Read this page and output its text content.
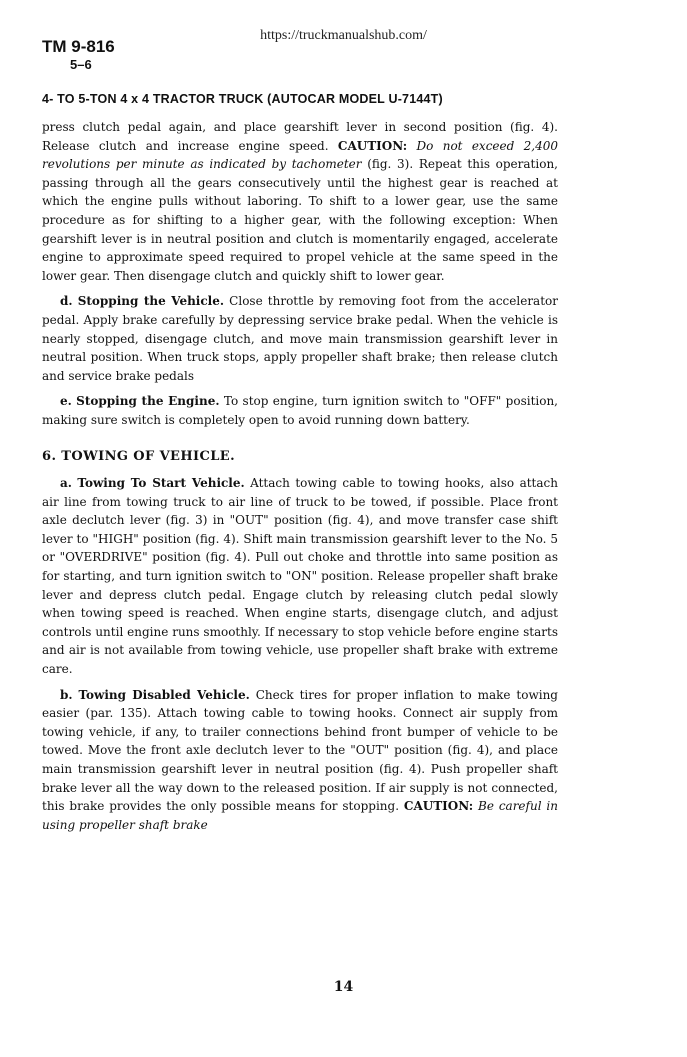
https://truckmanualshub.com/
TM 9-816
5–6
4- TO 5-TON 4 x 4 TRACTOR TRUCK (AUTOCAR MODEL U-7144T)

press clutch pedal again, and place gearshift lever in second position (fig. 4). Release clutch and increase engine speed. CAUTION: Do not exceed 2,400 revolutions per minute as indicated by tachometer (fig. 3). Repeat this operation, passing through all the gears consecutively until the highest gear is reached at which the engine pulls without laboring. To shift to a lower gear, use the same procedure as for shifting to a higher gear, with the following exception: When gearshift lever is in neutral position and clutch is momentarily engaged, accelerate engine to approximate speed required to propel vehicle at the same speed in the lower gear. Then disengage clutch and quickly shift to lower gear.

d. Stopping the Vehicle. Close throttle by removing foot from the accelerator pedal. Apply brake carefully by depressing service brake pedal. When the vehicle is nearly stopped, disengage clutch, and move main transmission gearshift lever in neutral position. When truck stops, apply propeller shaft brake; then release clutch and service brake pedals

e. Stopping the Engine. To stop engine, turn ignition switch to "OFF" position, making sure switch is completely open to avoid running down battery.

6. TOWING OF VEHICLE.

a. Towing To Start Vehicle. Attach towing cable to towing hooks, also attach air line from towing truck to air line of truck to be towed, if possible. Place front axle declutch lever (fig. 3) in "OUT" position (fig. 4), and move transfer case shift lever to "HIGH" position (fig. 4). Shift main transmission gearshift lever to the No. 5 or "OVERDRIVE" position (fig. 4). Pull out choke and throttle into same position as for starting, and turn ignition switch to "ON" position. Release propeller shaft brake lever and depress clutch pedal. Engage clutch by releasing clutch pedal slowly when towing speed is reached. When engine starts, disengage clutch, and adjust controls until engine runs smoothly. If necessary to stop vehicle before engine starts and air is not available from towing vehicle, use propeller shaft brake with extreme care.

b. Towing Disabled Vehicle. Check tires for proper inflation to make towing easier (par. 135). Attach towing cable to towing hooks. Connect air supply from towing vehicle, if any, to trailer connections behind front bumper of vehicle to be towed. Move the front axle declutch lever to the "OUT" position (fig. 4), and place main transmission gearshift lever in neutral position (fig. 4). Push propeller shaft brake lever all the way down to the released position. If air supply is not connected, this brake provides the only possible means for stopping. CAUTION: Be careful in using propeller shaft brake

14
